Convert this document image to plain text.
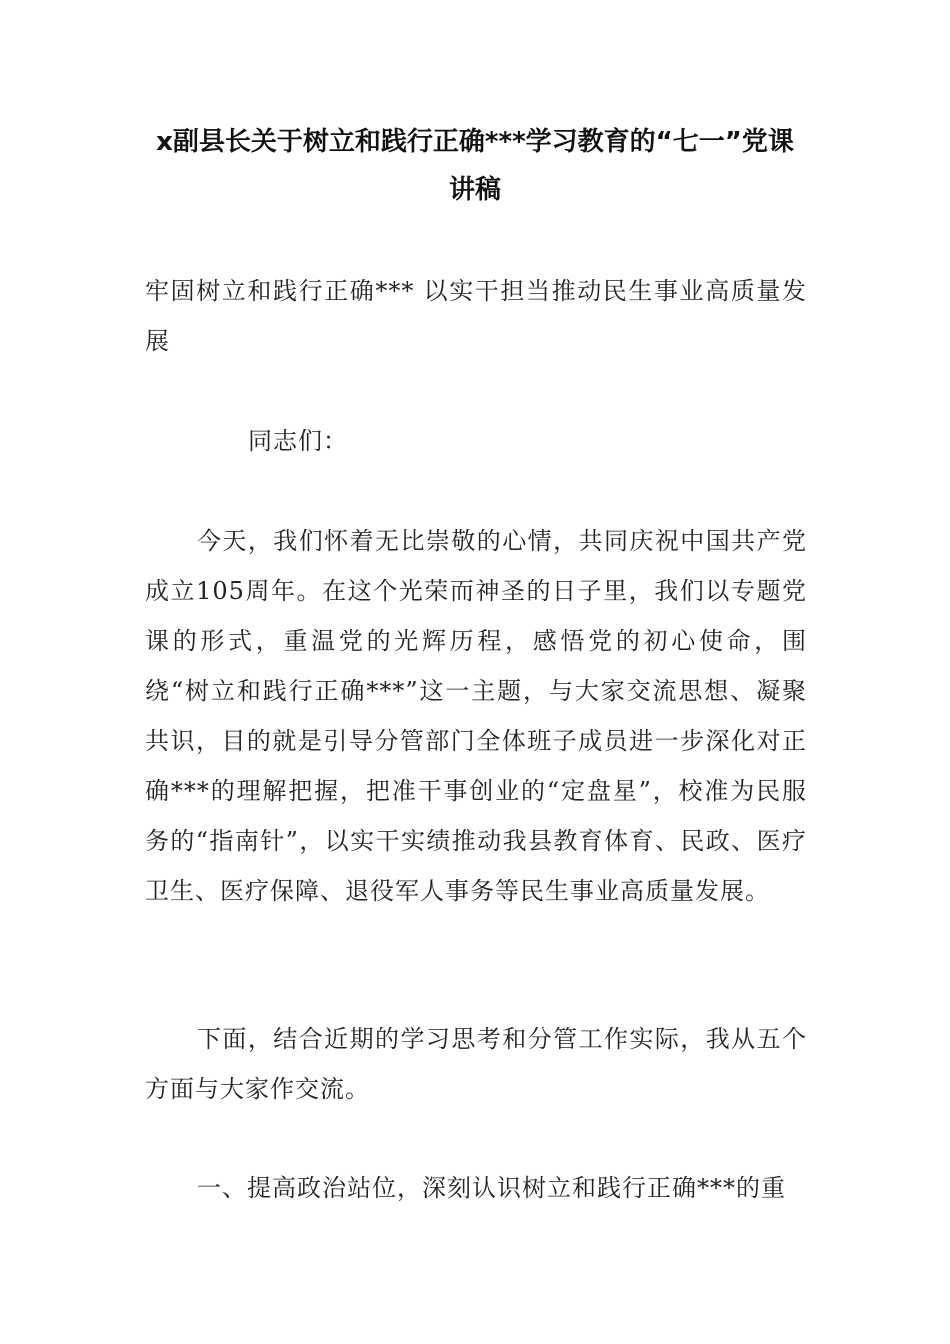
x副县长关于树立和践行正确***学习教育的“七一”党课讲稿

牢固树立和践行正确*** 以实干担当推动民生事业高质量发展

同志们：

今天，我们怀着无比崇敬的心情，共同庆祝中国共产党成立105周年。在这个光荣而神圣的日子里，我们以专题党课的形式，重温党的光辉历程，感悟党的初心使命，围绕“树立和践行正确***”这一主题，与大家交流思想、凝聚共识，目的就是引导分管部门全体班子成员进一步深化对正确***的理解把握，把准干事创业的“定盘星”，校准为民服务的“指南针”，以实干实绩推动我县教育体育、民政、医疗卫生、医疗保障、退役军人事务等民生事业高质量发展。

下面，结合近期的学习思考和分管工作实际，我从五个方面与大家作交流。

一、提高政治站位，深刻认识树立和践行正确***的重
